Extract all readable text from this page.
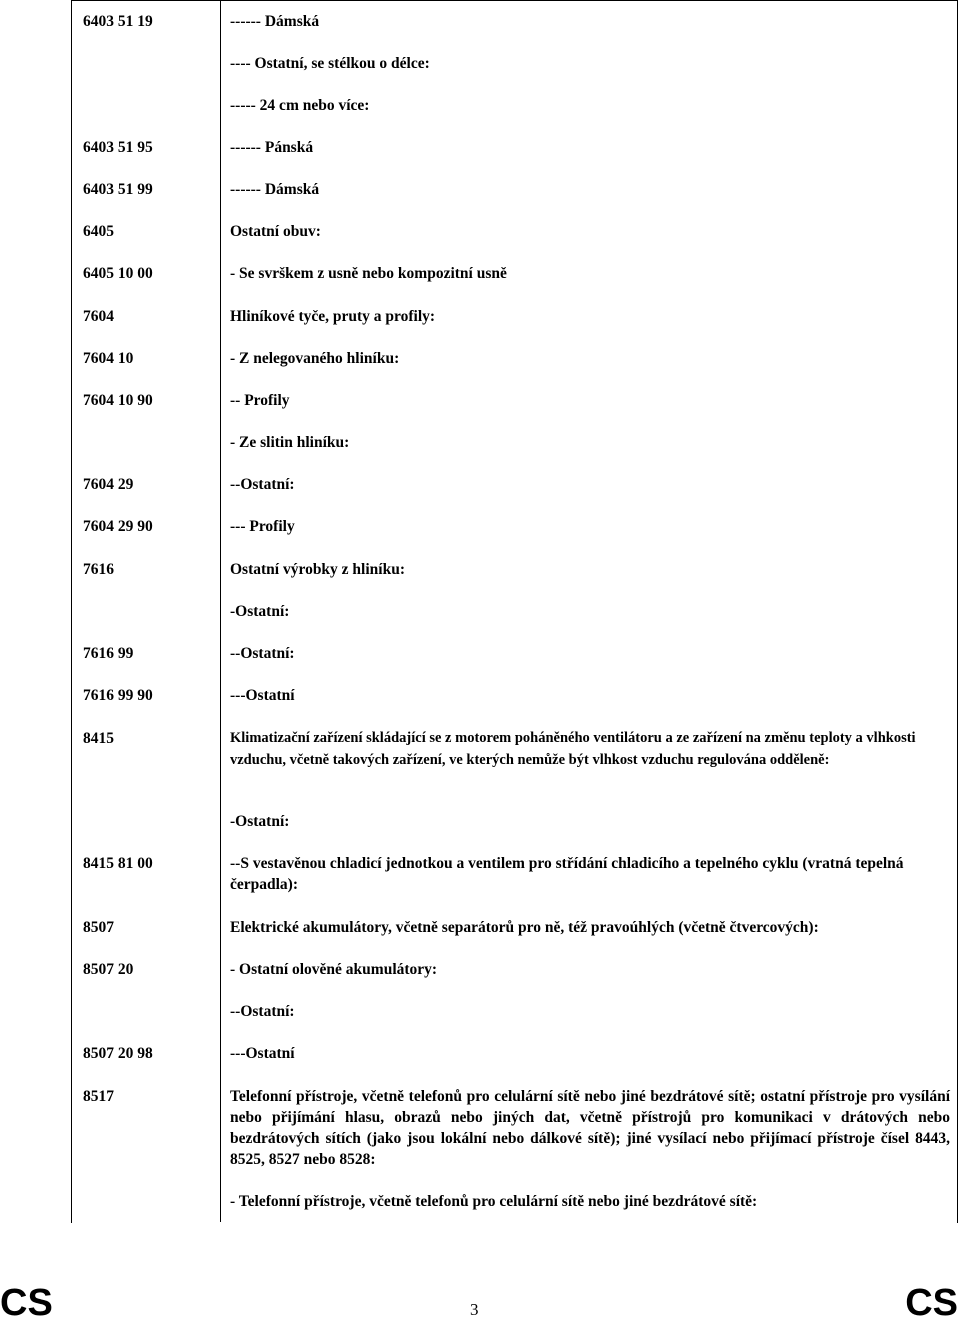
6403 51 19	------ Dámská
---- Ostatní, se stélkou o délce:
----- 24 cm nebo více:
6403 51 95	------ Pánská
6403 51 99	------ Dámská
6405	Ostatní obuv:
6405 10 00	- Se svrškem z usně nebo kompozitní usně
7604	Hliníkové tyče, pruty a profily:
7604 10	- Z nelegovaného hliníku:
7604 10 90	-- Profily
- Ze slitin hliníku:
7604 29	--Ostatní:
7604 29 90	--- Profily
7616	Ostatní výrobky z hliníku:
-Ostatní:
7616 99	--Ostatní:
7616 99 90	---Ostatní
8415	Klimatizační zařízení skládající se z motorem poháněného ventilátoru a ze zařízení na změnu teploty a vlhkosti vzduchu, včetně takových zařízení, ve kterých nemůže být vlhkost vzduchu regulována odděleně:
-Ostatní:
8415 81 00	--S vestavěnou chladicí jednotkou a ventilem pro střídání chladicího a tepelného cyklu (vratná tepelná čerpadla):
8507	Elektrické akumulátory, včetně separátorů pro ně, též pravoúhlých (včetně čtvercových):
8507 20	- Ostatní olověné akumulátory:
--Ostatní:
8507 20 98	---Ostatní
8517	Telefonní přístroje, včetně telefonů pro celulární sítě nebo jiné bezdrátové sítě; ostatní přístroje pro vysílání nebo přijímání hlasu, obrazů nebo jiných dat, včetně přístrojů pro komunikaci v drátových nebo bezdrátových sítích (jako jsou lokální nebo dálkové sítě); jiné vysílací nebo přijímací přístroje čísel 8443, 8525, 8527 nebo 8528:
- Telefonní přístroje, včetně telefonů pro celulární sítě nebo jiné bezdrátové sítě:
CS	3	CS
